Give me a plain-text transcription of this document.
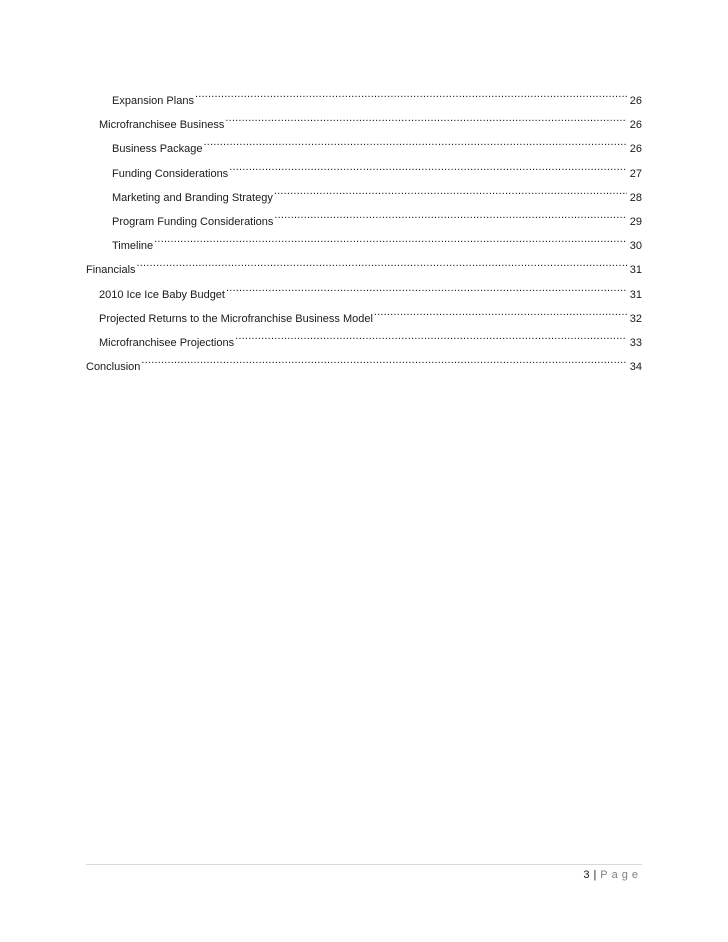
Expansion Plans .....	26
Microfranchisee Business .....	26
Business Package .....	26
Funding Considerations .....	27
Marketing and Branding Strategy .....	28
Program Funding Considerations .....	29
Timeline .....	30
Financials .....	31
2010 Ice Ice Baby Budget .....	31
Projected Returns to the Microfranchise Business Model .....	32
Microfranchisee Projections .....	33
Conclusion .....	34
3 | Page
